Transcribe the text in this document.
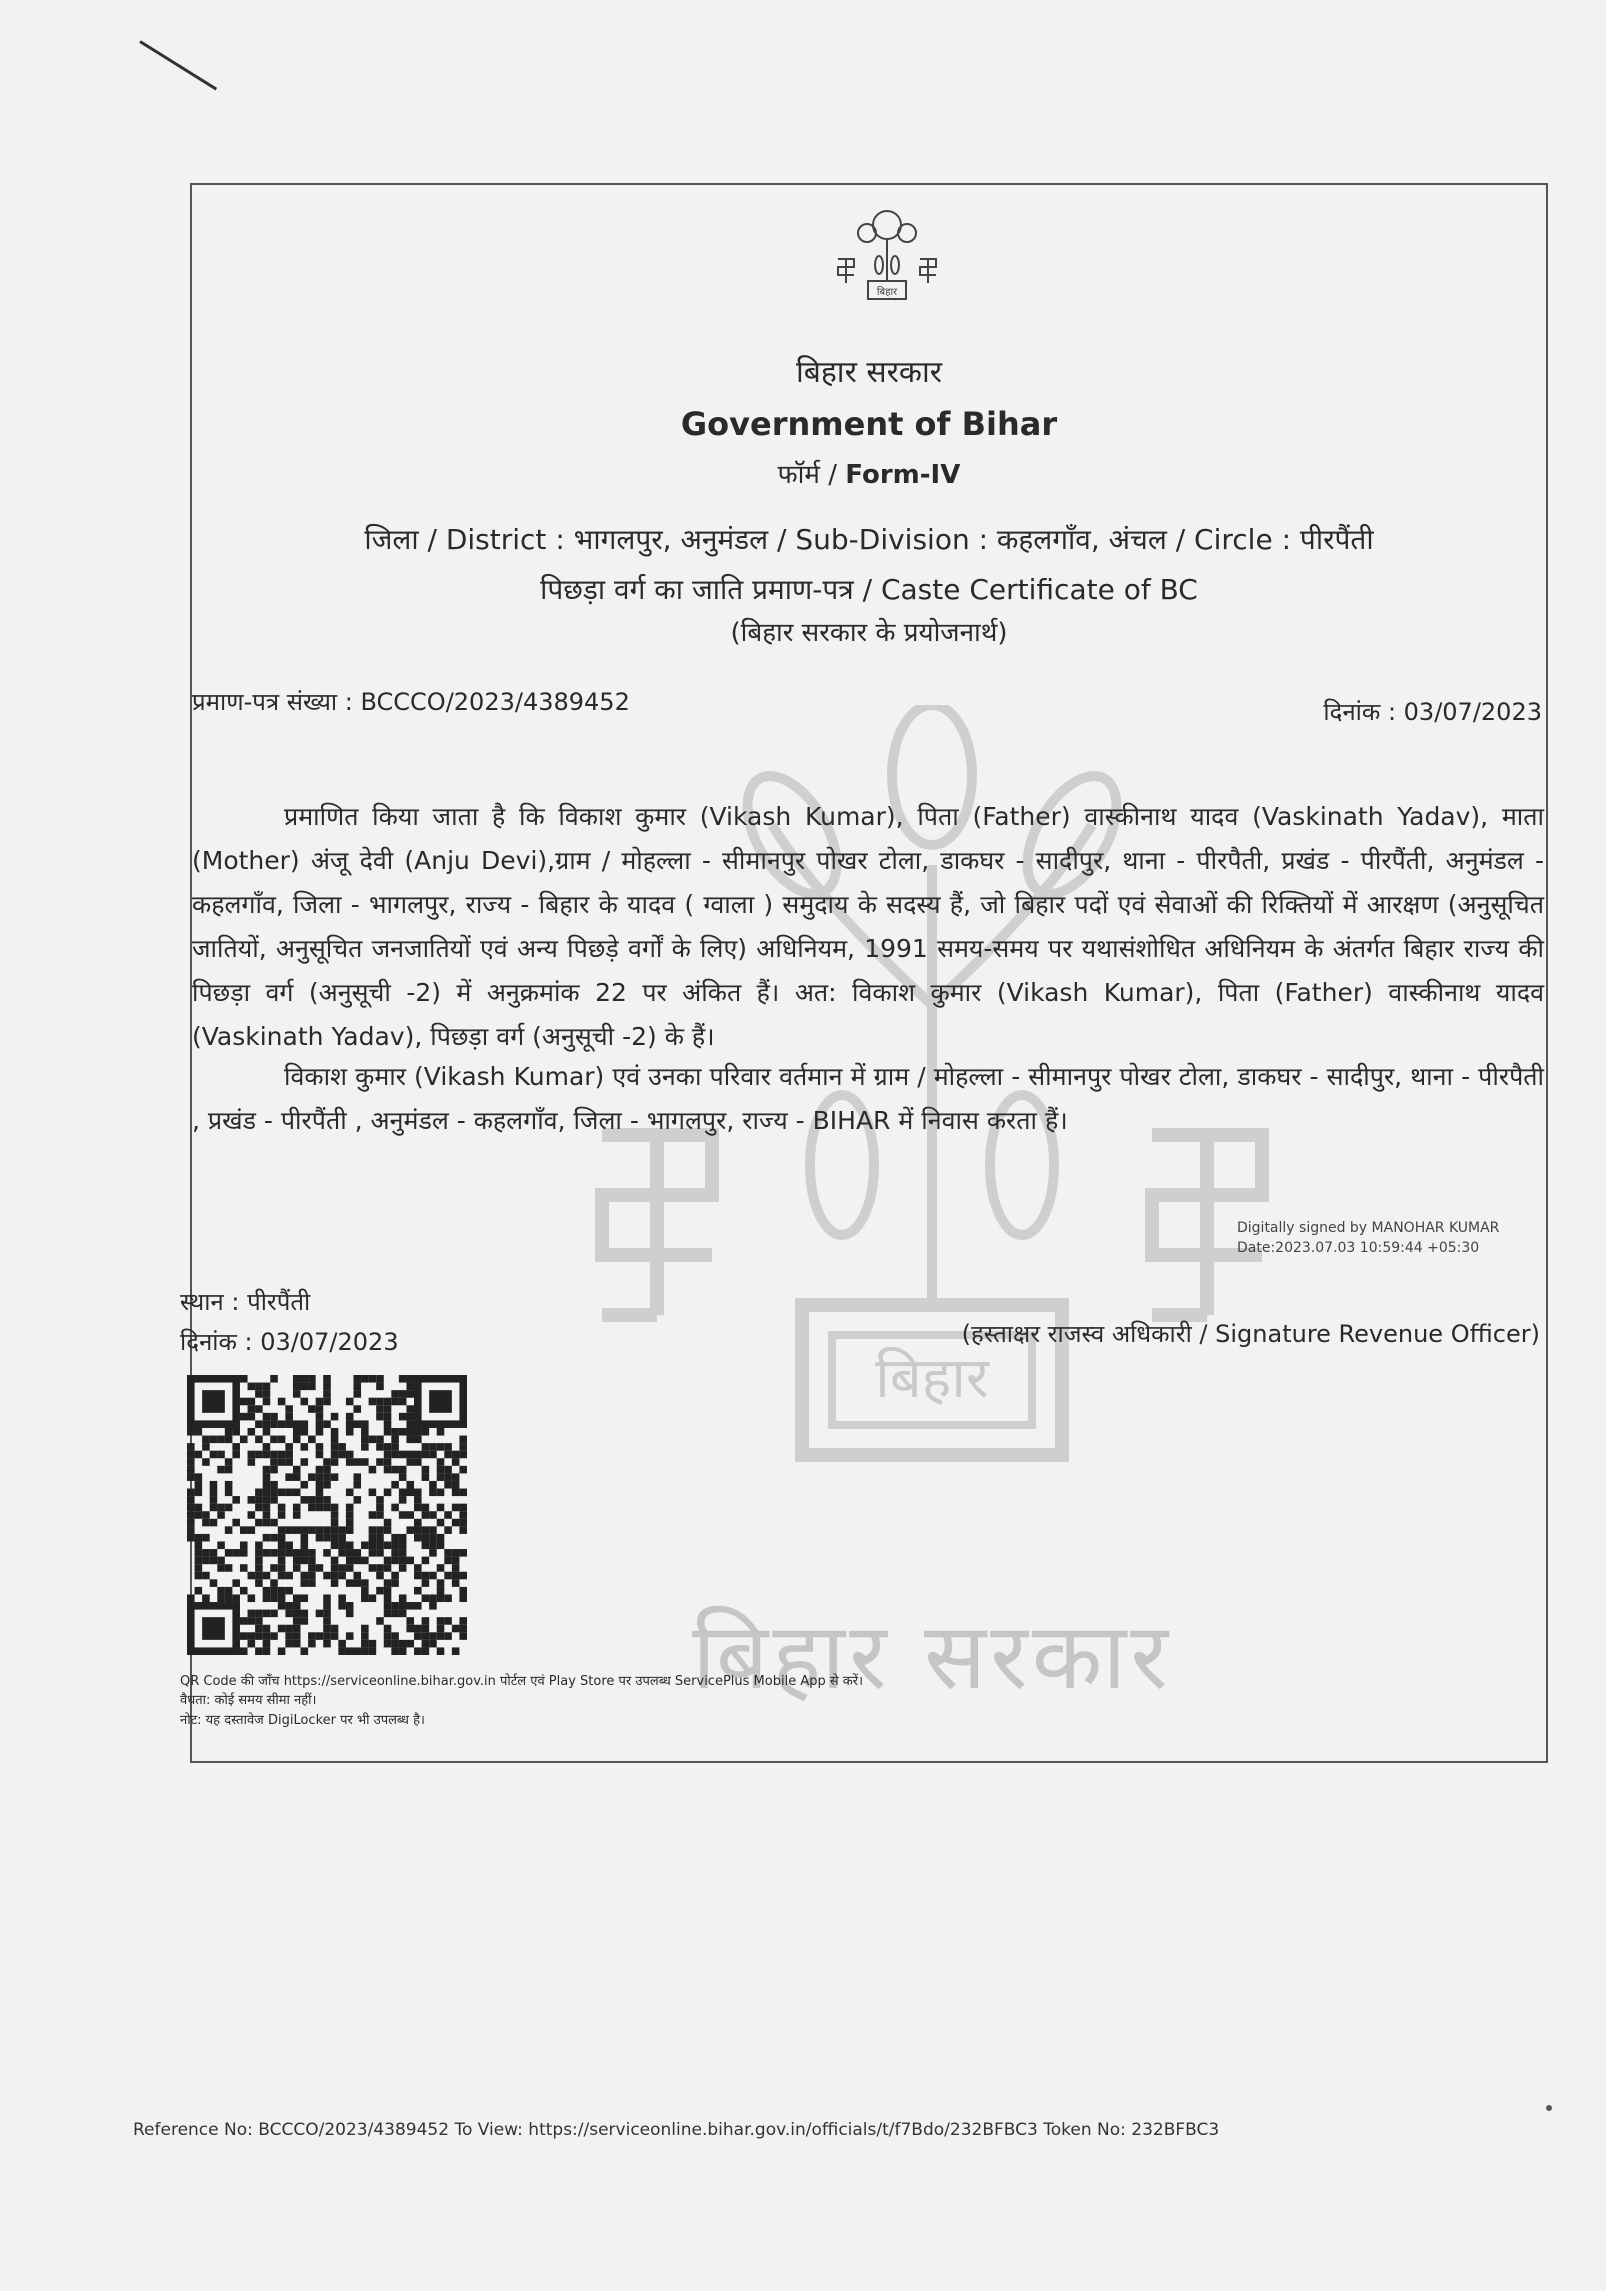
बिहार
बिहार सरकार
बिहार
बिहार सरकार
Government of Bihar
फॉर्म / Form-IV
जिला / District : भागलपुर, अनुमंडल / Sub-Division : कहलगाँव, अंचल / Circle : पीरपैंती
पिछड़ा वर्ग का जाति प्रमाण-पत्र / Caste Certificate of BC
(बिहार सरकार के प्रयोजनार्थ)
प्रमाण-पत्र संख्या : BCCCO/2023/4389452	दिनांक : 03/07/2023
प्रमाणित किया जाता है कि विकाश कुमार (Vikash Kumar), पिता (Father) वास्कीनाथ यादव (Vaskinath Yadav), माता (Mother) अंजू देवी (Anju Devi),ग्राम / मोहल्ला - सीमानपुर पोखर टोला, डाकघर - सादीपुर, थाना - पीरपैती, प्रखंड - पीरपैंती, अनुमंडल - कहलगाँव, जिला - भागलपुर, राज्य - बिहार के यादव ( ग्वाला ) समुदाय के सदस्य हैं, जो बिहार पदों एवं सेवाओं की रिक्तियों में आरक्षण (अनुसूचित जातियों, अनुसूचित जनजातियों एवं अन्य पिछड़े वर्गों के लिए) अधिनियम, 1991 समय-समय पर यथासंशोधित अधिनियम के अंतर्गत बिहार राज्य की पिछड़ा वर्ग (अनुसूची -2) में अनुक्रमांक 22 पर अंकित हैं। अत: विकाश कुमार (Vikash Kumar), पिता (Father) वास्कीनाथ यादव (Vaskinath Yadav), पिछड़ा वर्ग (अनुसूची -2) के हैं।
विकाश कुमार (Vikash Kumar) एवं उनका परिवार वर्तमान में ग्राम / मोहल्ला - सीमानपुर पोखर टोला, डाकघर - सादीपुर, थाना - पीरपैती , प्रखंड - पीरपैंती , अनुमंडल - कहलगाँव, जिला - भागलपुर, राज्य - BIHAR में निवास करता हैं।
Digitally signed by MANOHAR KUMAR
Date:2023.07.03 10:59:44 +05:30
स्थान : पीरपैंती
दिनांक : 03/07/2023	(हस्ताक्षर राजस्व अधिकारी / Signature Revenue Officer)
QR Code की जाँच https://serviceonline.bihar.gov.in पोर्टल एवं Play Store पर उपलब्ध ServicePlus Mobile App से करें।
वैधता: कोई समय सीमा नहीं।
नोट: यह दस्तावेज DigiLocker पर भी उपलब्ध है।
Reference No: BCCCO/2023/4389452 To View: https://serviceonline.bihar.gov.in/officials/t/f7Bdo/232BFBC3 Token No: 232BFBC3
